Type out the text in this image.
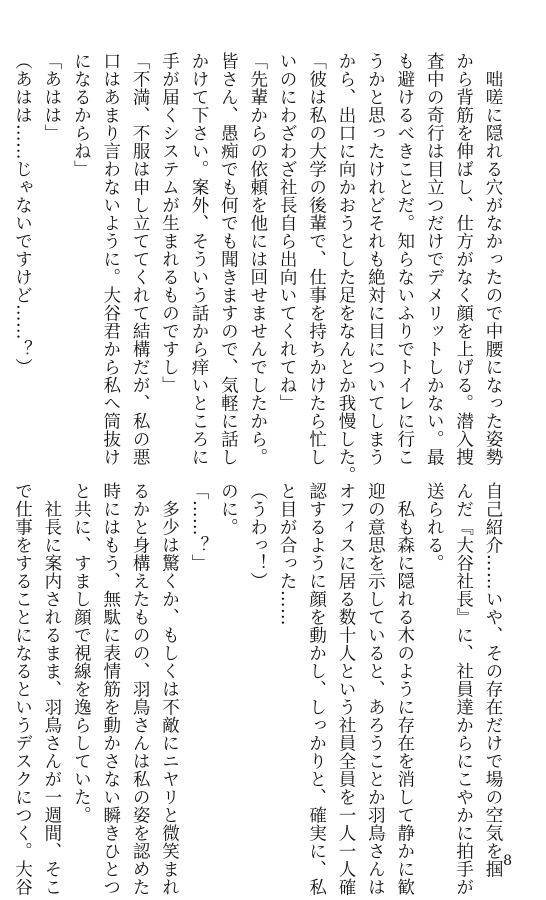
　咄嗟に隠れる穴がなかったので中腰になった姿勢
から背筋を伸ばし、仕方がなく顔を上げる。潜入捜
査中の奇行は目立つだけでデメリットしかない。最
も避けるべきことだ。知らないふりでトイレに行こ
うかと思ったけれどそれも絶対に目についてしまう
から、出口に向かおうとした足をなんとか我慢した。
「彼は私の大学の後輩で、仕事を持ちかけたら忙し
いのにわざわざ社長自ら出向いてくれてね」
「先輩からの依頼を他には回せませんでしたから。
皆さん、愚痴でも何でも聞きますので、気軽に話し
かけて下さい。案外、そういう話から痒いところに
手が届くシステムが生まれるものですし」
「不満、不服は申し立ててくれて結構だが、私の悪
口はあまり言わないように。大谷君から私へ筒抜け
になるからね」
「あはは」
（あはは……じゃないですけど……？）
自己紹介……いや、その存在だけで場の空気を掴
んだ『大谷社長』に、社員達からにこやかに拍手が
送られる。
　私も森に隠れる木のように存在を消して静かに歓
迎の意思を示していると、あろうことか羽鳥さんは
オフィスに居る数十人という社員全員を一人一人確
認するように顔を動かし、しっかりと、確実に、私
と目が合った……
（うわっ！）
のに。
「……？」
　多少は驚くか、もしくは不敵にニヤリと微笑まれ
るかと身構えたものの、羽鳥さんは私の姿を認めた
時にはもう、無駄に表情筋を動かさない瞬きひとつ
と共に、すまし顔で視線を逸らしていた。
　社長に案内されるまま、羽鳥さんが一週間、そこ
で仕事をすることになるというデスクにつく。大谷	8
